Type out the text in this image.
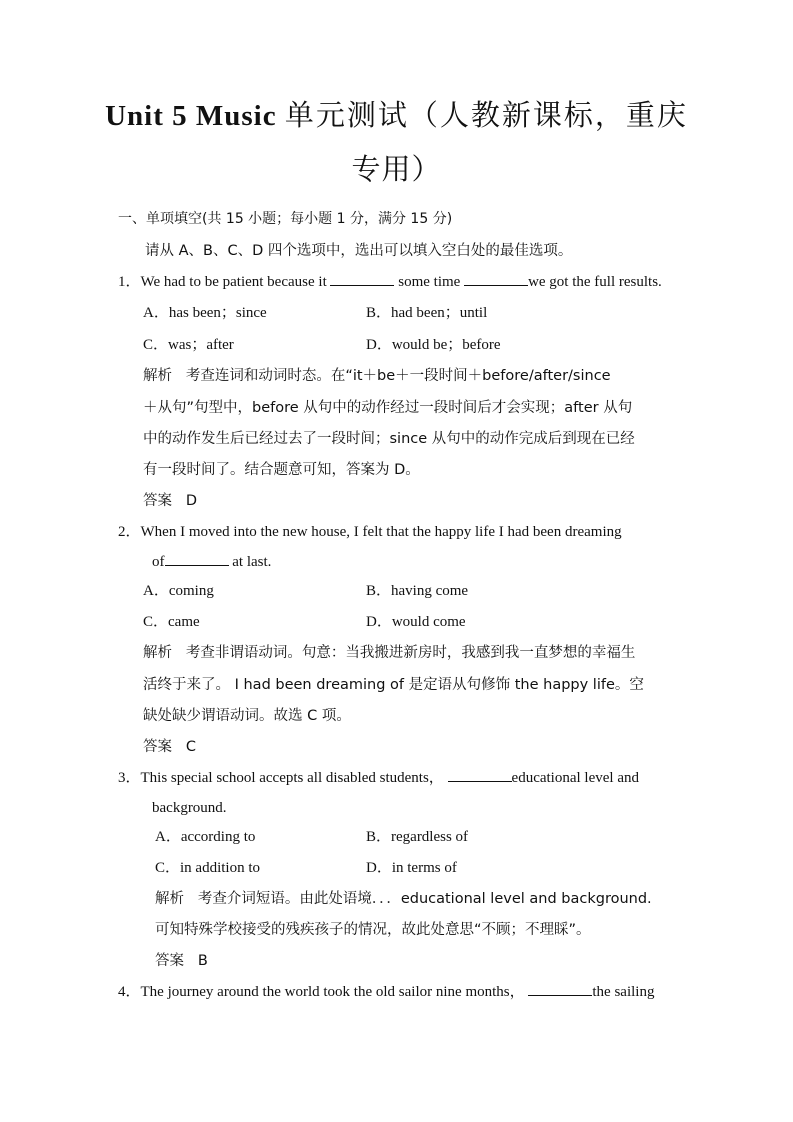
Unit 5 Music 单元测试（人教新课标，重庆
专用）
一、单项填空(共 15 小题；每小题 1 分，满分 15 分)
请从 A、B、C、D 四个选项中，选出可以填入空白处的最佳选项。
1．We had to be patient because it	some time	we got the full results.
A．has been；since	B．had been；until
C．was；after	D．would be；before
解析 考查连词和动词时态。在“it＋be＋一段时间＋before/after/since
＋从句”句型中，before 从句中的动作经过一段时间后才会实现；after 从句
中的动作发生后已经过去了一段时间；since 从句中的动作完成后到现在已经
有一段时间了。结合题意可知，答案为 D。
答案 D
2．When I moved into the new house, I felt that the happy life I had been dreaming
of	at last.
A．coming	B．having come
C．came	D．would come
解析 考查非谓语动词。句意：当我搬进新房时，我感到我一直梦想的幸福生
活终于来了。 I had been dreaming of 是定语从句修饰 the happy life。空
缺处缺少谓语动词。故选 C 项。
答案 C
3．This special school accepts all disabled students，	educational level and
background.
A．according to	B．regardless of
C．in addition to	D．in terms of
解析 考查介词短语。由此处语境．．．educational level and background.
可知特殊学校接受的残疾孩子的情况，故此处意思“不顾；不理睬”。
答案 B
4．The journey around the world took the old sailor nine months，	the sailing
